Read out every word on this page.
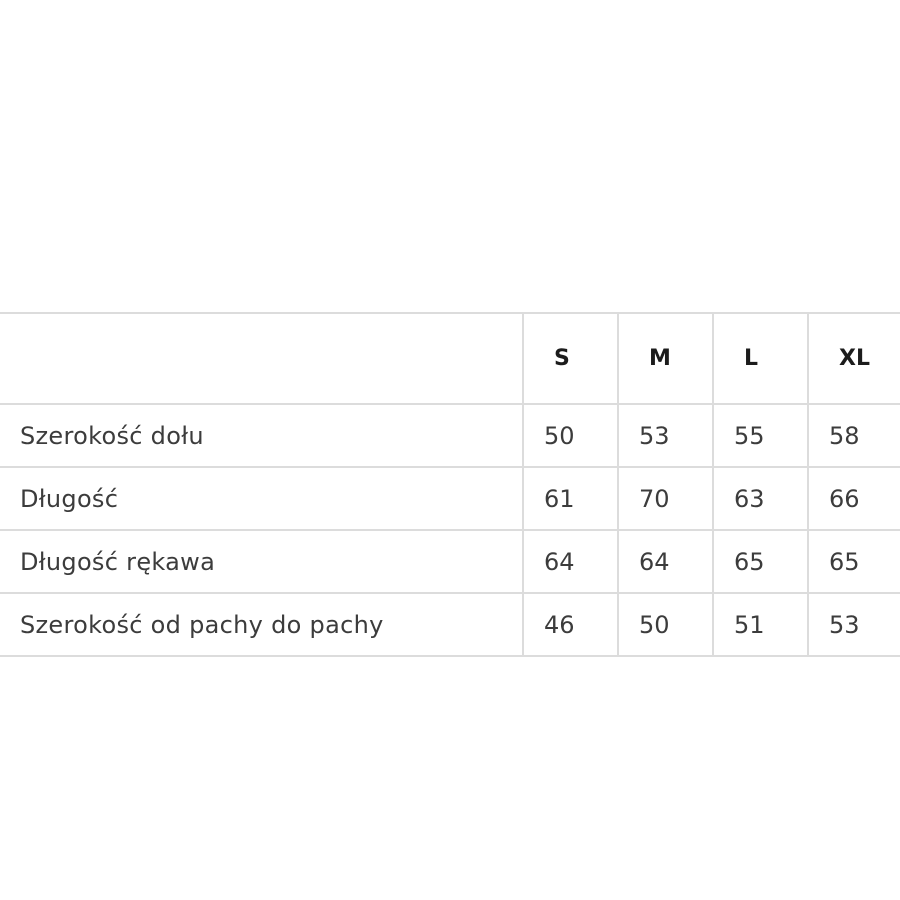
	S	M	L	XL
Szerokość dołu	50	53	55	58
Długość	61	70	63	66
Długość rękawa	64	64	65	65
Szerokość od pachy do pachy	46	50	51	53
